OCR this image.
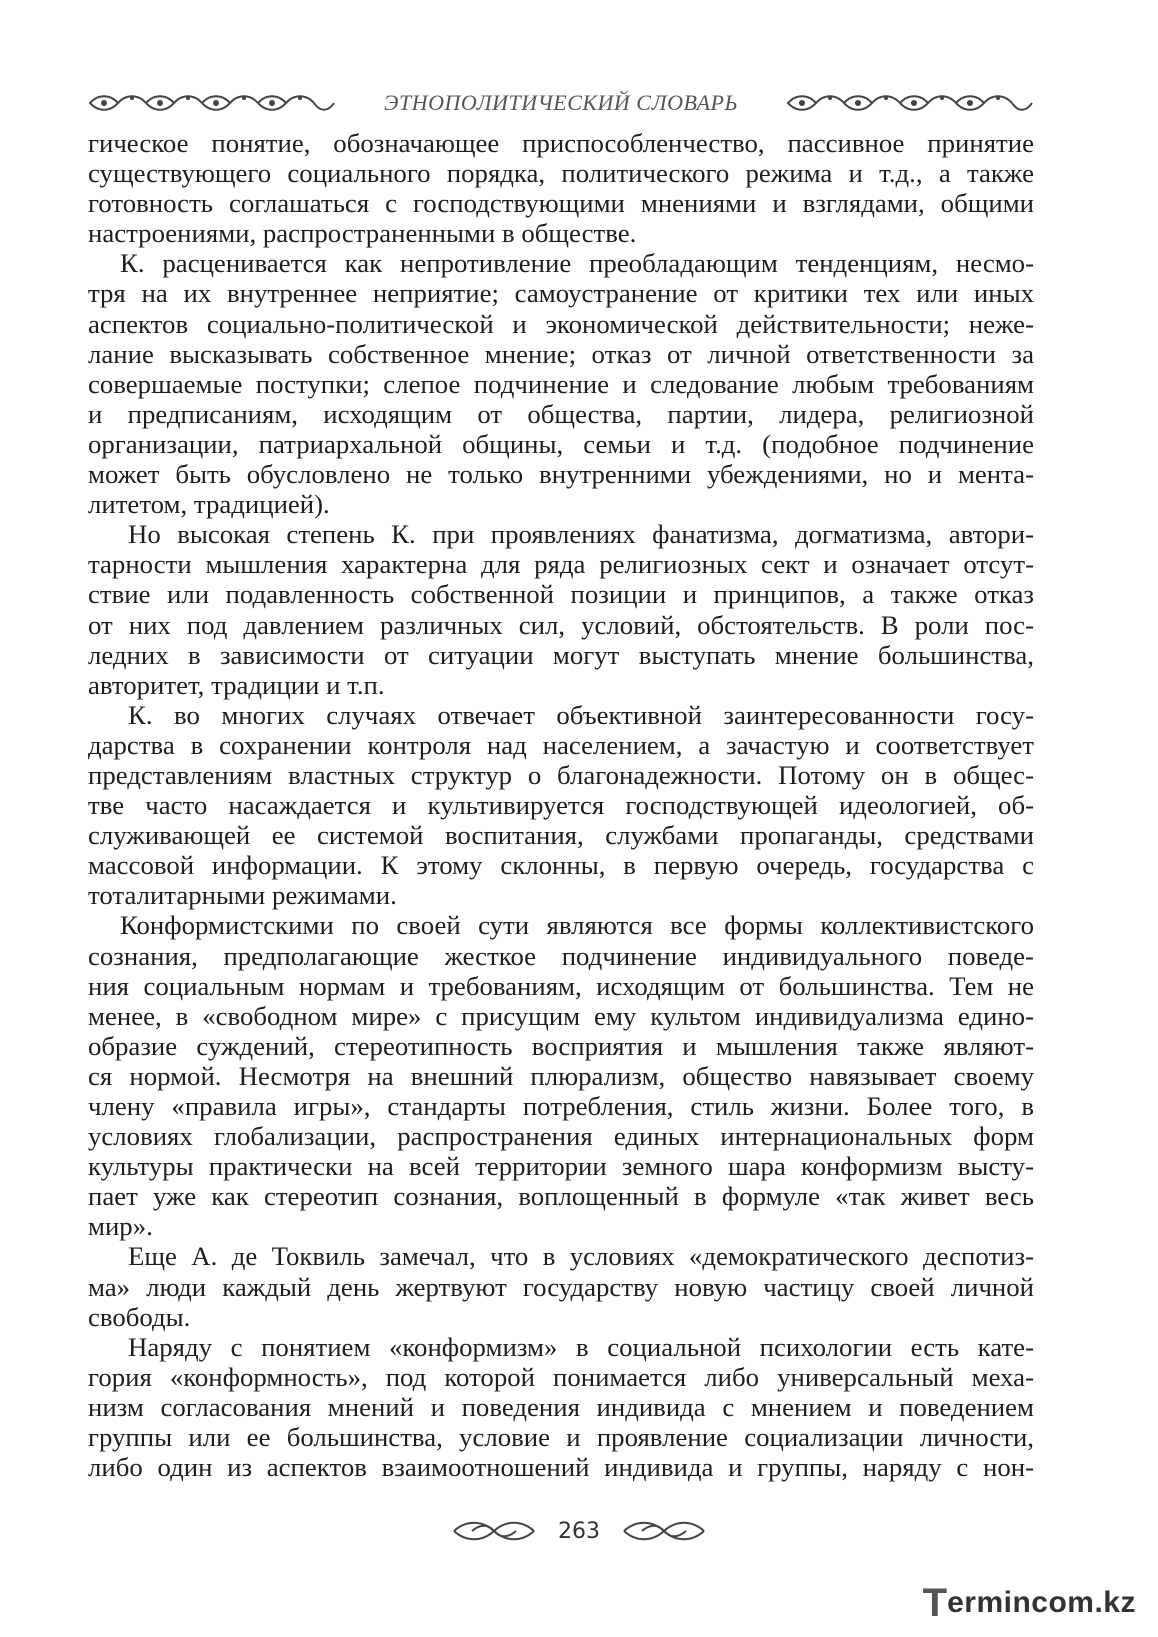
ЭТНОПОЛИТИЧЕСКИЙ СЛОВАРЬ

гическое понятие, обозначающее приспособленчество, пассивное принятие
существующего социального порядка, политического режима и т.д., а также
готовность соглашаться с господствующими мнениями и взглядами, общими
настроениями, распространенными в обществе.

К. расценивается как непротивление преобладающим тенденциям, несмо-
тря на их внутреннее неприятие; самоустранение от критики тех или иных
аспектов социально-политической и экономической действительности; неже-
лание высказывать собственное мнение; отказ от личной ответственности за
совершаемые поступки; слепое подчинение и следование любым требованиям
и предписаниям, исходящим от общества, партии, лидера, религиозной
организации, патриархальной общины, семьи и т.д. (подобное подчинение
может быть обусловлено не только внутренними убеждениями, но и мента-
литетом, традицией).

Но высокая степень К. при проявлениях фанатизма, догматизма, автори-
тарности мышления характерна для ряда религиозных сект и означает отсут-
ствие или подавленность собственной позиции и принципов, а также отказ
от них под давлением различных сил, условий, обстоятельств. В роли пос-
ледних в зависимости от ситуации могут выступать мнение большинства,
авторитет, традиции и т.п.

К. во многих случаях отвечает объективной заинтересованности госу-
дарства в сохранении контроля над населением, а зачастую и соответствует
представлениям властных структур о благонадежности. Потому он в общес-
тве часто насаждается и культивируется господствующей идеологией, об-
служивающей ее системой воспитания, службами пропаганды, средствами
массовой информации. К этому склонны, в первую очередь, государства с
тоталитарными режимами.

Конформистскими по своей сути являются все формы коллективистского
сознания, предполагающие жесткое подчинение индивидуального поведе-
ния социальным нормам и требованиям, исходящим от большинства. Тем не
менее, в «свободном мире» с присущим ему культом индивидуализма едино-
образие суждений, стереотипность восприятия и мышления также являют-
ся нормой. Несмотря на внешний плюрализм, общество навязывает своему
члену «правила игры», стандарты потребления, стиль жизни. Более того, в
условиях глобализации, распространения единых интернациональных форм
культуры практически на всей территории земного шара конформизм высту-
пает уже как стереотип сознания, воплощенный в формуле «так живет весь
мир».

Еще А. де Токвиль замечал, что в условиях «демократического деспотиз-
ма» люди каждый день жертвуют государству новую частицу своей личной
свободы.

Наряду с понятием «конформизм» в социальной психологии есть кате-
гория «конформность», под которой понимается либо универсальный меха-
низм согласования мнений и поведения индивида с мнением и поведением
группы или ее большинства, условие и проявление социализации личности,
либо один из аспектов взаимоотношений индивида и группы, наряду с нон-

263
T ermincom.kz
